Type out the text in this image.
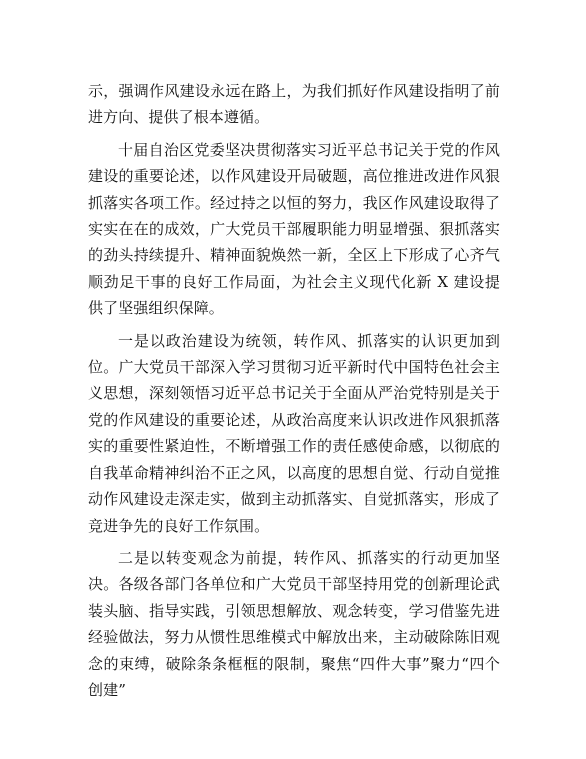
示，强调作风建设永远在路上，为我们抓好作风建设指明了前进方向、提供了根本遵循。

十届自治区党委坚决贯彻落实习近平总书记关于党的作风建设的重要论述，以作风建设开局破题，高位推进改进作风狠抓落实各项工作。经过持之以恒的努力，我区作风建设取得了实实在在的成效，广大党员干部履职能力明显增强、狠抓落实的劲头持续提升、精神面貌焕然一新，全区上下形成了心齐气顺劲足干事的良好工作局面，为社会主义现代化新 X 建设提供了坚强组织保障。

一是以政治建设为统领，转作风、抓落实的认识更加到位。广大党员干部深入学习贯彻习近平新时代中国特色社会主义思想，深刻领悟习近平总书记关于全面从严治党特别是关于党的作风建设的重要论述，从政治高度来认识改进作风狠抓落实的重要性紧迫性，不断增强工作的责任感使命感，以彻底的自我革命精神纠治不正之风，以高度的思想自觉、行动自觉推动作风建设走深走实，做到主动抓落实、自觉抓落实，形成了竞进争先的良好工作氛围。

二是以转变观念为前提，转作风、抓落实的行动更加坚决。各级各部门各单位和广大党员干部坚持用党的创新理论武装头脑、指导实践，引领思想解放、观念转变，学习借鉴先进经验做法，努力从惯性思维模式中解放出来，主动破除陈旧观念的束缚，破除条条框框的限制，聚焦“四件大事”聚力“四个创建”
